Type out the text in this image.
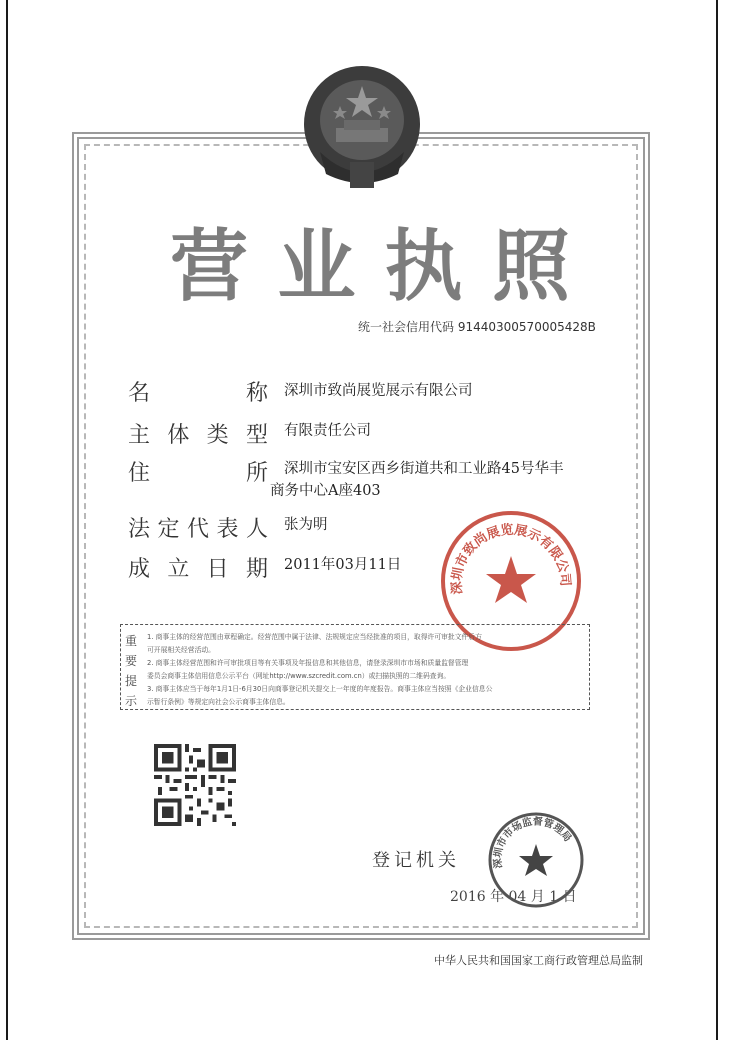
营 业 执 照
统一社会信用代码 9144030057000542​8B
名	称 深圳市致尚展览展示有限公司
主 体 类 型 有限责任公司
住	所 深圳市宝安区西乡街道共和工业路45号华丰
商务中心A座403
法 定 代 表 人 张为明
成 立 日 期 2011年03月11日
深圳市致尚展览展示有限公司
重要提示
1. 商事主体的经营范围由章程确定。经营范围中属于法律、法规规定应当经批准的项目，取得许可审批文件后方
可开展相关经营活动。
2. 商事主体经营范围和许可审批项目等有关事项及年报信息和其他信息，请登录深圳市市场和质量监督管理
委员会商事主体信用信息公示平台（网址http://www.szcredit.com.cn）或扫描执照的二维码查询。
3. 商事主体应当于每年1月1日-6月30日向商事登记机关提交上一年度的年度报告。商事主体应当按照《企业信息公
示暂行条例》等规定向社会公示商事主体信息。
登记机关
2016 年 04 月 1 日
深圳市市场监督管理局
中华人民共和国国家工商行政管理总局监制
